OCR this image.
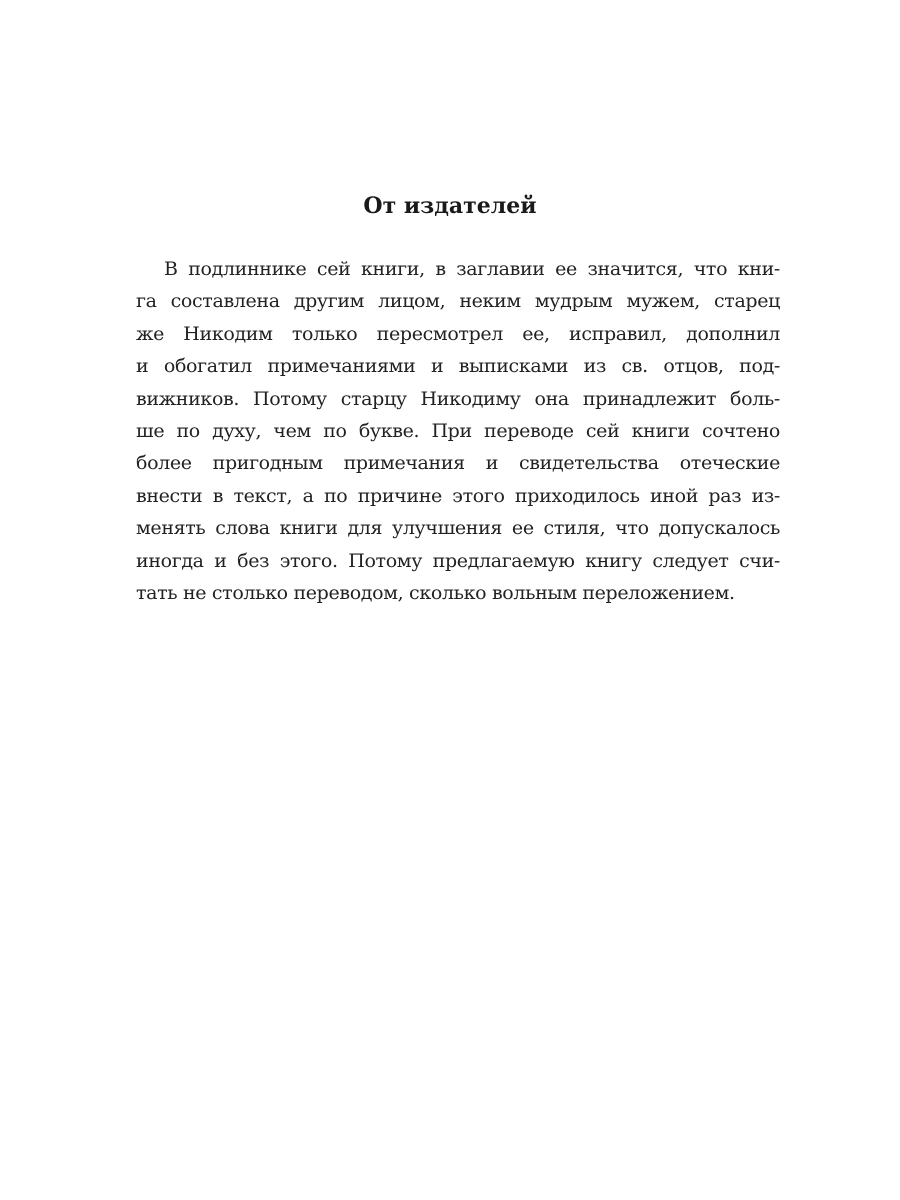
От издателей
В подлиннике сей книги, в заглавии ее значится, что кни-
га составлена другим лицом, неким мудрым мужем, старец
же Никодим только пересмотрел ее, исправил, дополнил
и обогатил примечаниями и выписками из св. отцов, под-
вижников. Потому старцу Никодиму она принадлежит боль-
ше по духу, чем по букве. При переводе сей книги сочтено
более пригодным примечания и свидетельства отеческие
внести в текст, а по причине этого приходилось иной раз из-
менять слова книги для улучшения ее стиля, что допускалось
иногда и без этого. Потому предлагаемую книгу следует счи-
тать не столько переводом, сколько вольным переложением.
